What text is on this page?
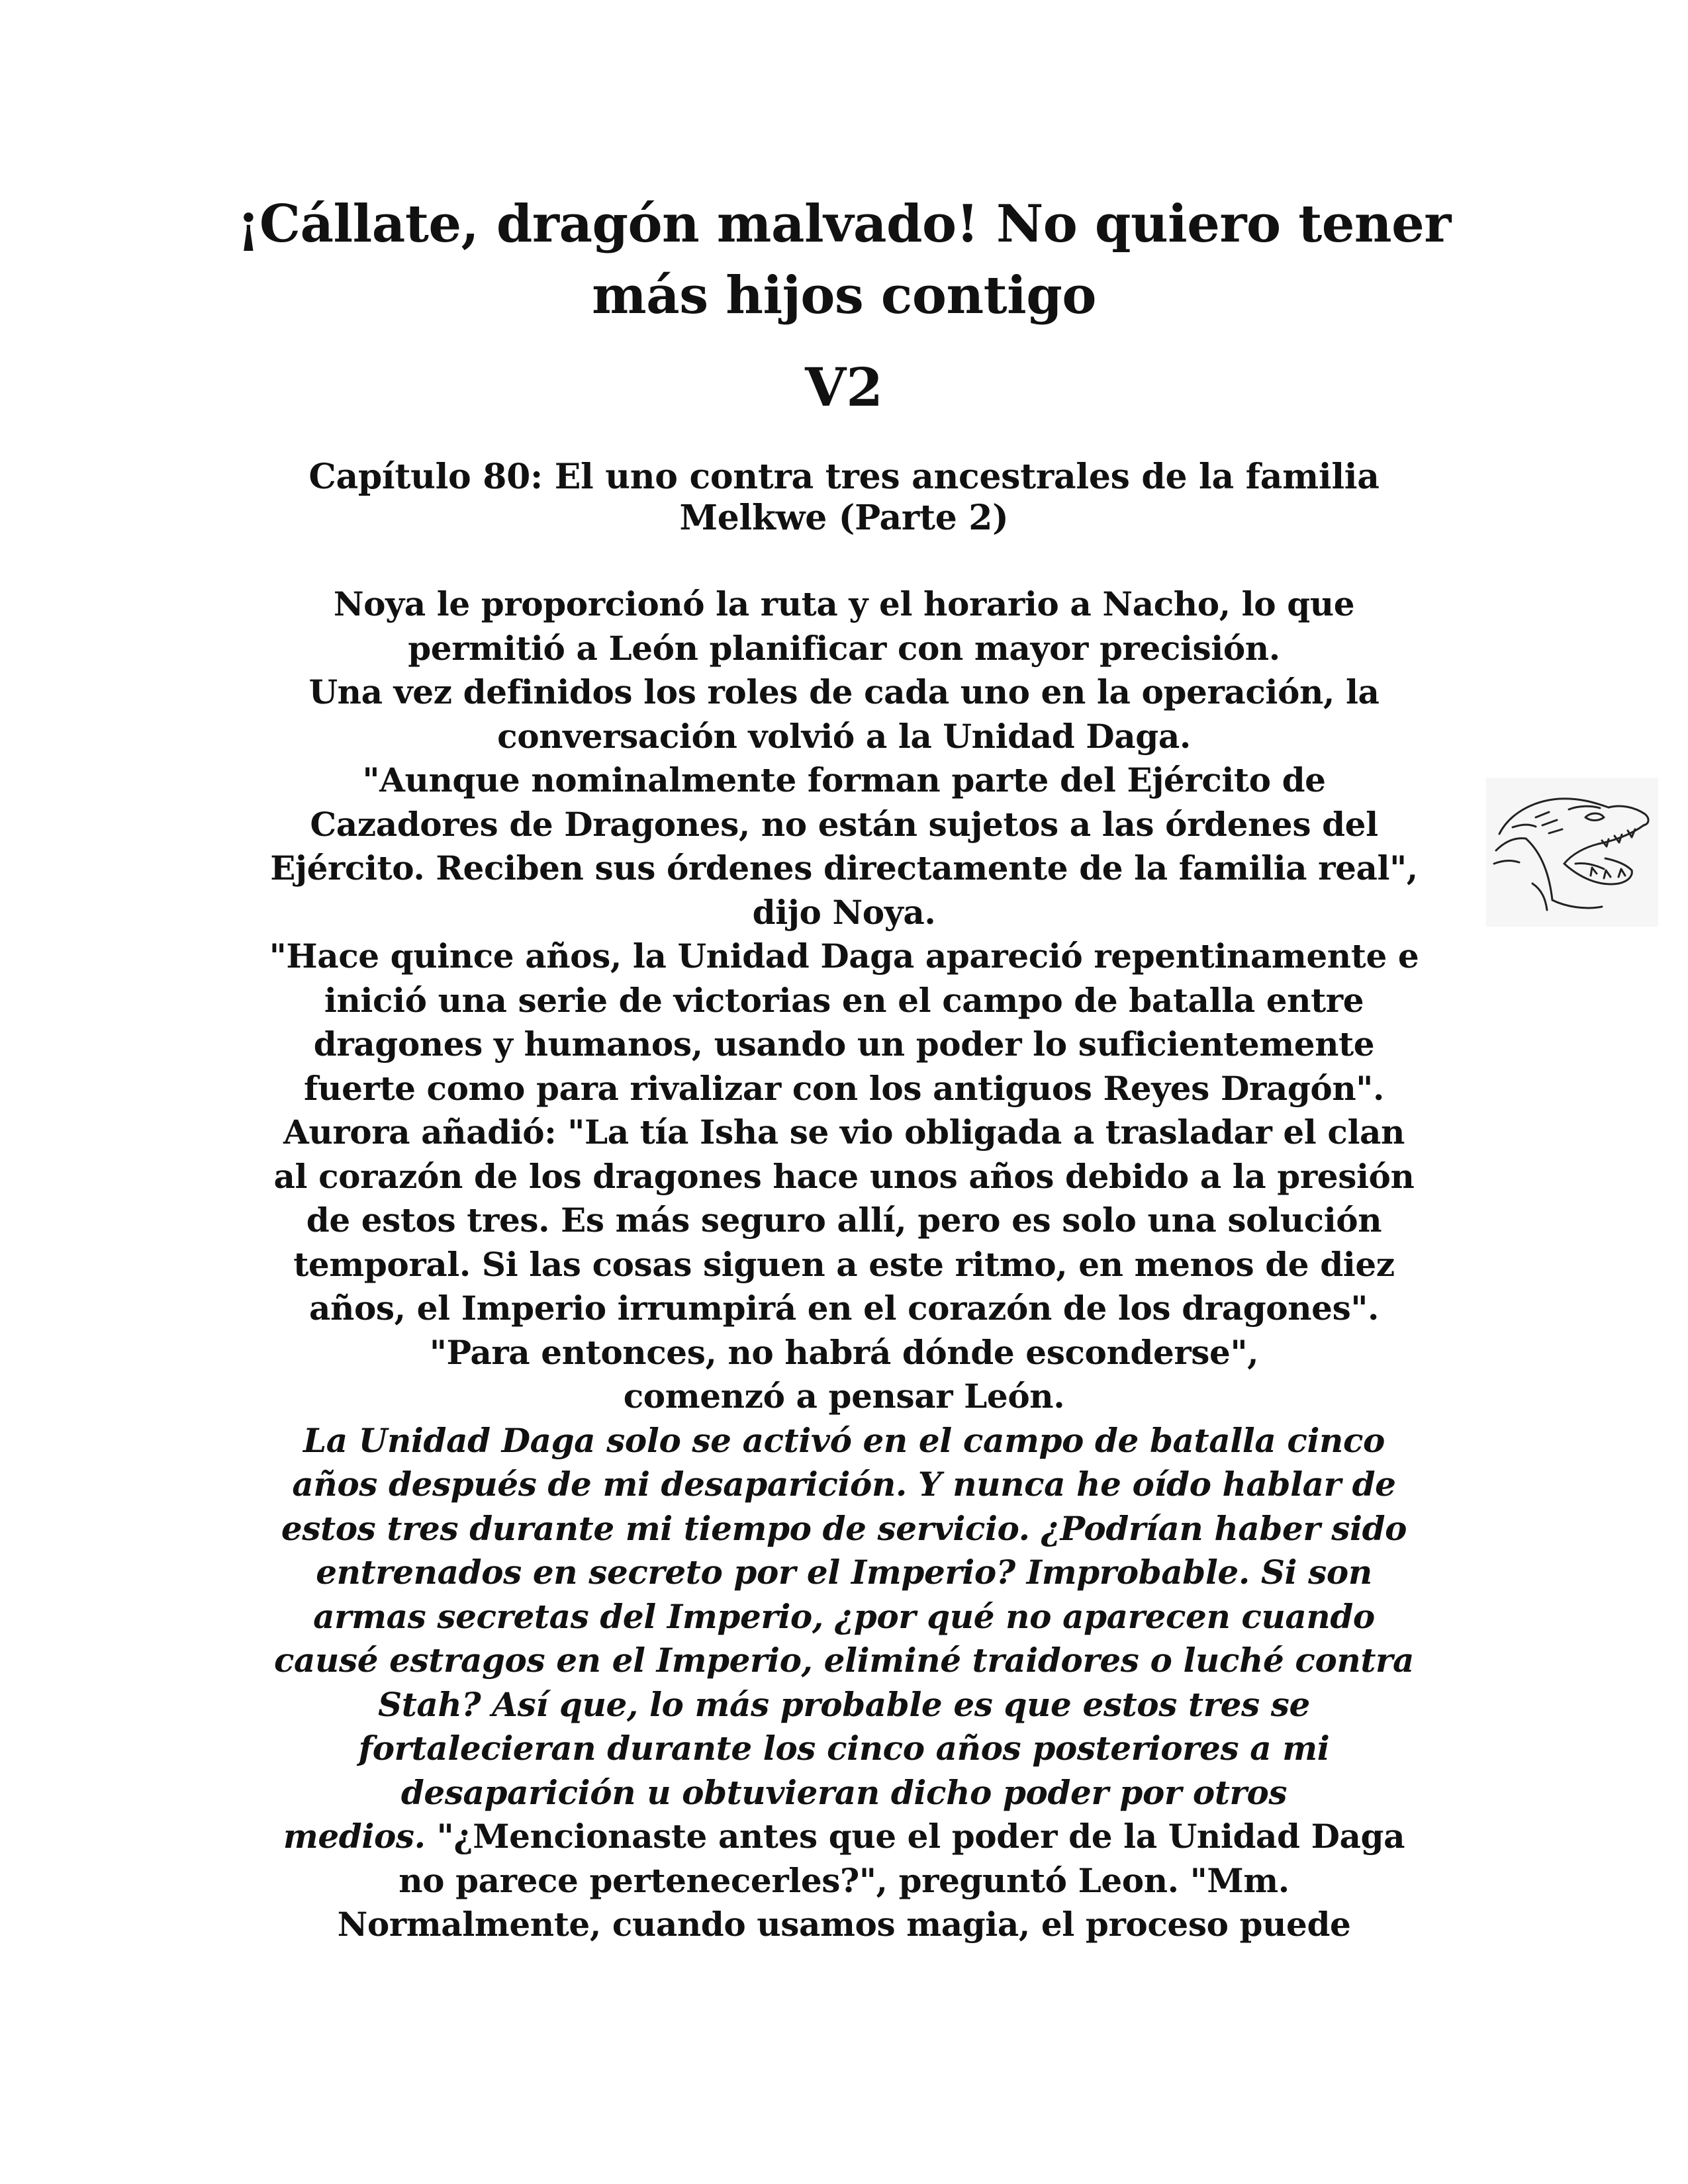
¡Cállate, dragón malvado! No quiero tener
más hijos contigo
V2
Capítulo 80: El uno contra tres ancestrales de la familia
Melkwe (Parte 2)
Noya le proporcionó la ruta y el horario a Nacho, lo que
permitió a León planificar con mayor precisión.
Una vez definidos los roles de cada uno en la operación, la
conversación volvió a la Unidad Daga.
"Aunque nominalmente forman parte del Ejército de
Cazadores de Dragones, no están sujetos a las órdenes del
Ejército. Reciben sus órdenes directamente de la familia real",
dijo Noya.
"Hace quince años, la Unidad Daga apareció repentinamente e
inició una serie de victorias en el campo de batalla entre
dragones y humanos, usando un poder lo suficientemente
fuerte como para rivalizar con los antiguos Reyes Dragón".
Aurora añadió: "La tía Isha se vio obligada a trasladar el clan
al corazón de los dragones hace unos años debido a la presión
de estos tres. Es más seguro allí, pero es solo una solución
temporal. Si las cosas siguen a este ritmo, en menos de diez
años, el Imperio irrumpirá en el corazón de los dragones".
"Para entonces, no habrá dónde esconderse",
comenzó a pensar León.
La Unidad Daga solo se activó en el campo de batalla cinco
años después de mi desaparición. Y nunca he oído hablar de
estos tres durante mi tiempo de servicio. ¿Podrían haber sido
entrenados en secreto por el Imperio? Improbable. Si son
armas secretas del Imperio, ¿por qué no aparecen cuando
causé estragos en el Imperio, eliminé traidores o luché contra
Stah? Así que, lo más probable es que estos tres se
fortalecieran durante los cinco años posteriores a mi
desaparición u obtuvieran dicho poder por otros
medios. "¿Mencionaste antes que el poder de la Unidad Daga
no parece pertenecerles?", preguntó Leon. "Mm.
Normalmente, cuando usamos magia, el proceso puede
